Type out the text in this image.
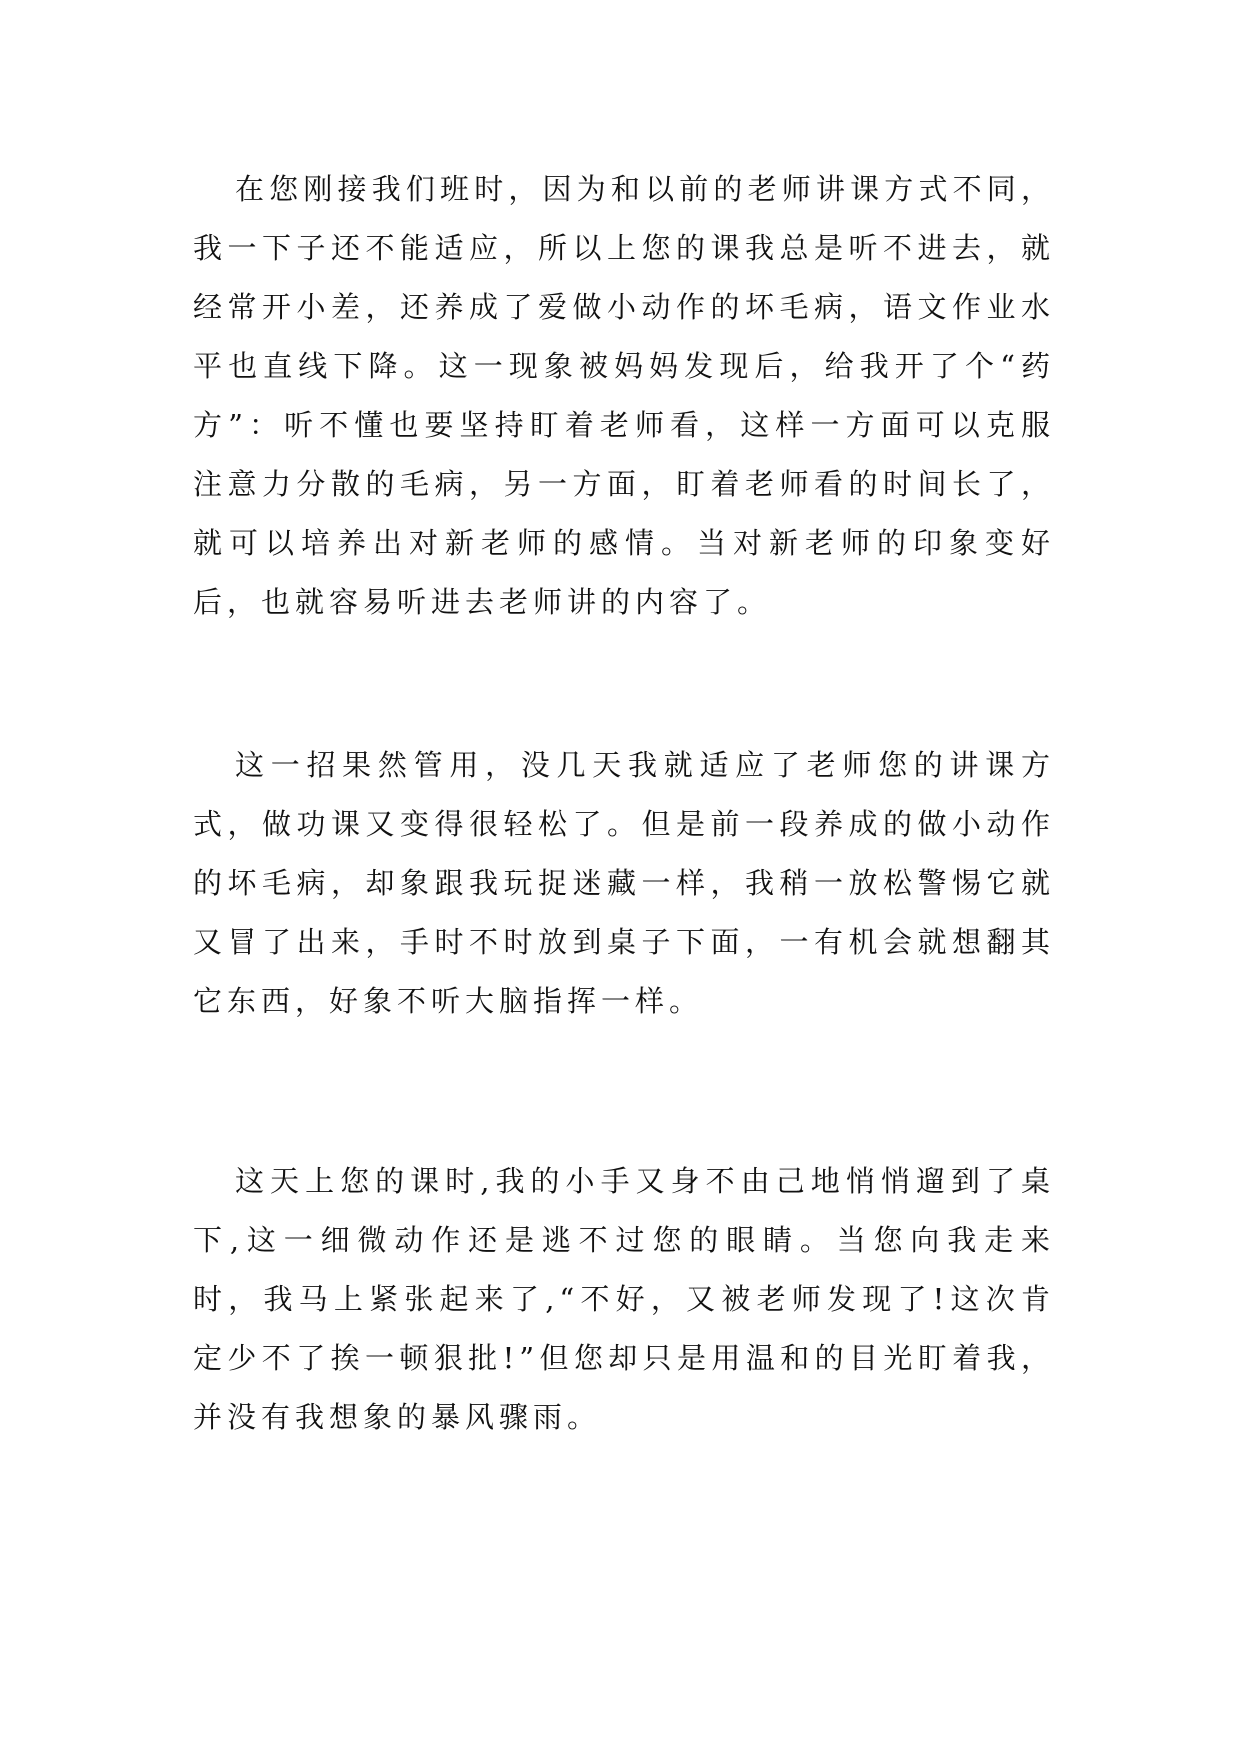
在您刚接我们班时，因为和以前的老师讲课方式不同，我一下子还不能适应，所以上您的课我总是听不进去，就经常开小差，还养成了爱做小动作的坏毛病，语文作业水平也直线下降。这一现象被妈妈发现后，给我开了个“药方”：听不懂也要坚持盯着老师看，这样一方面可以克服注意力分散的毛病，另一方面，盯着老师看的时间长了，就可以培养出对新老师的感情。当对新老师的印象变好后，也就容易听进去老师讲的内容了。

这一招果然管用，没几天我就适应了老师您的讲课方式，做功课又变得很轻松了。但是前一段养成的做小动作的坏毛病，却象跟我玩捉迷藏一样，我稍一放松警惕它就又冒了出来，手时不时放到桌子下面，一有机会就想翻其它东西，好象不听大脑指挥一样。

这天上您的课时,我的小手又身不由己地悄悄遛到了桌下,这一细微动作还是逃不过您的眼睛。当您向我走来时，我马上紧张起来了,“不好，又被老师发现了!这次肯定少不了挨一顿狠批!”但您却只是用温和的目光盯着我，并没有我想象的暴风骤雨。
